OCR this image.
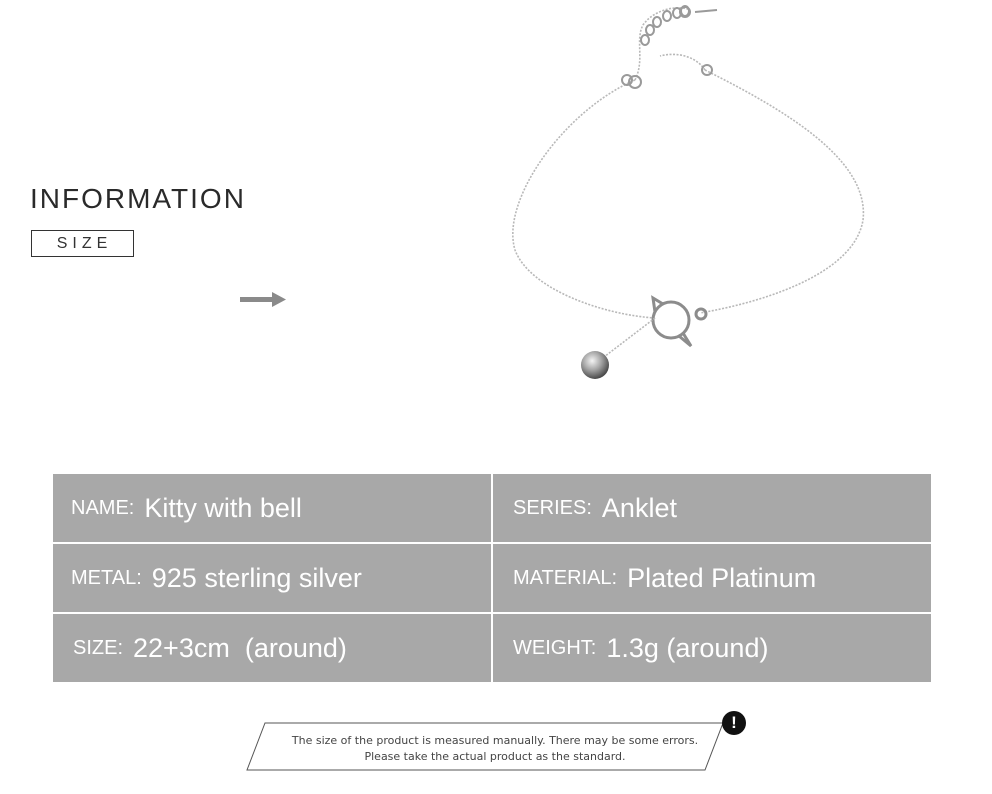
INFORMATION
SIZE
NAME: Kitty with bell	SERIES: Anklet
METAL: 925 sterling silver	MATERIAL: Plated Platinum
SIZE: 22+3cm  (around)	WEIGHT: 1.3g (around)
The size of the product is measured manually. There may be some errors.
Please take the actual product as the standard.
!
